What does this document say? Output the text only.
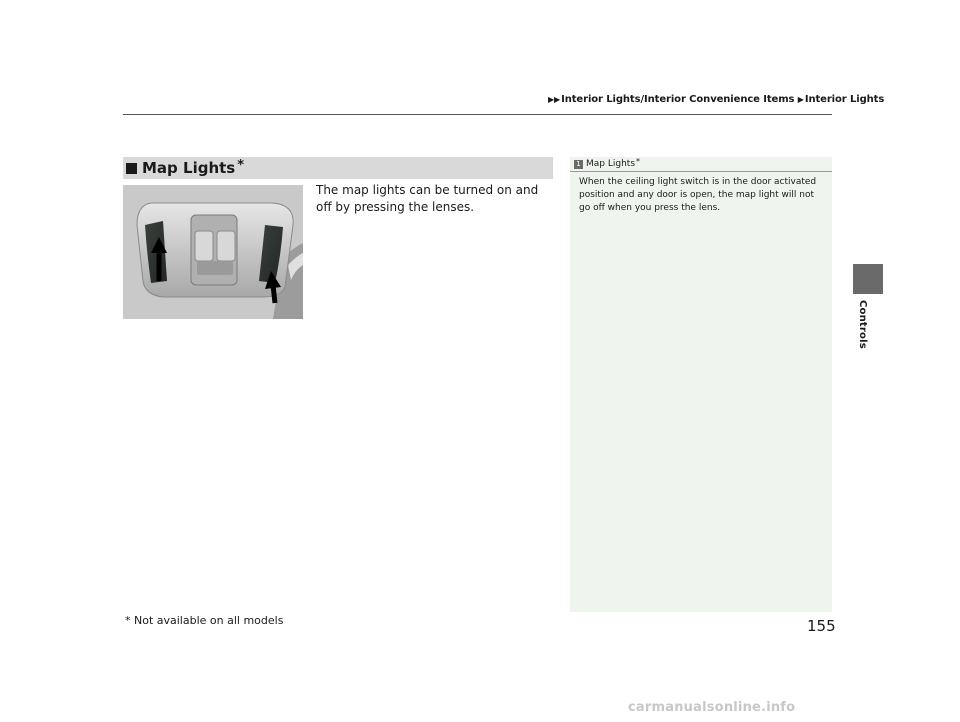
▶▶Interior Lights/Interior Convenience Items ▶Interior Lights
Controls
Map Lights *
The map lights can be turned on and off by pressing the lenses.
1 Map Lights *
When the ceiling light switch is in the door activated position and any door is open, the map light will not go off when you press the lens.
* Not available on all models	155
carmanualsonline.info
